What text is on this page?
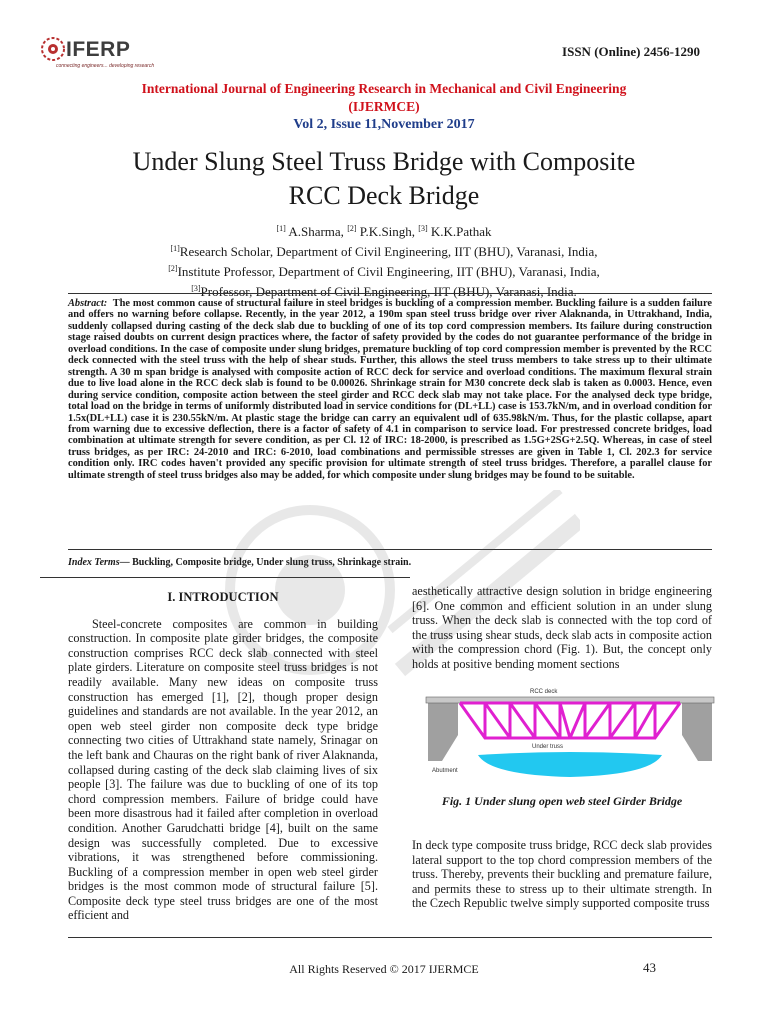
IFERP
connecting engineers... developing research
ISSN (Online) 2456-1290
International Journal of Engineering Research in Mechanical and Civil Engineering
(IJERMCE)
Vol 2, Issue 11,November 2017
Under Slung Steel Truss Bridge with Composite
RCC Deck Bridge
[1] A.Sharma, [2] P.K.Singh, [3] K.K.Pathak
[1]Research Scholar, Department of Civil Engineering, IIT (BHU), Varanasi, India,
[2]Institute Professor, Department of Civil Engineering, IIT (BHU), Varanasi, India,
[3]Professor, Department of Civil Engineering, IIT (BHU), Varanasi, India.
Abstract: The most common cause of structural failure in steel bridges is buckling of a compression member. Buckling failure is a sudden failure and offers no warning before collapse. Recently, in the year 2012, a 190m span steel truss bridge over river Alaknanda, in Uttrakhand, India, suddenly collapsed during casting of the deck slab due to buckling of one of its top cord compression members. Its failure during construction stage raised doubts on current design practices where, the factor of safety provided by the codes do not guarantee performance of the bridge in overload conditions. In the case of composite under slung bridges, premature buckling of top cord compression member is prevented by the RCC deck connected with the steel truss with the help of shear studs. Further, this allows the steel truss members to take stress up to their ultimate strength. A 30 m span bridge is analysed with composite action of RCC deck for service and overload conditions. The maximum flexural strain due to live load alone in the RCC deck slab is found to be 0.00026. Shrinkage strain for M30 concrete deck slab is taken as 0.0003. Hence, even during service condition, composite action between the steel girder and RCC deck slab may not take place. For the analysed deck type bridge, total load on the bridge in terms of uniformly distributed load in service conditions for (DL+LL) case is 153.7kN/m, and in overload condition for 1.5x(DL+LL) case it is 230.55kN/m. At plastic stage the bridge can carry an equivalent udl of 635.98kN/m. Thus, for the plastic collapse, apart from warning due to excessive deflection, there is a factor of safety of 4.1 in comparison to service load. For prestressed concrete bridges, load combination at ultimate strength for severe condition, as per Cl. 12 of IRC: 18-2000, is prescribed as 1.5G+2SG+2.5Q. Whereas, in case of steel truss bridges, as per IRC: 24-2010 and IRC: 6-2010, load combinations and permissible stresses are given in Table 1, Cl. 202.3 for service condition only. IRC codes haven't provided any specific provision for ultimate strength of steel truss bridges. Therefore, a parallel clause for ultimate strength of steel truss bridges also may be added, for which composite under slung bridges may be found to be suitable.
Index Terms— Buckling, Composite bridge, Under slung truss, Shrinkage strain.

I. INTRODUCTION

Steel-concrete composites are common in building construction. In composite plate girder bridges, the composite construction comprises RCC deck slab connected with steel plate girders. Literature on composite steel truss bridges is not readily available. Many new ideas on composite truss construction has emerged [1], [2], though proper design guidelines and standards are not available. In the year 2012, an open web steel girder non composite deck type bridge connecting two cities of Uttrakhand state namely, Srinagar on the left bank and Chauras on the right bank of river Alaknanda, collapsed during casting of the deck slab claiming lives of six people [3]. The failure was due to buckling of one of its top chord compression members. Failure of bridge could have been more disastrous had it failed after completion in overload condition. Another Garudchatti bridge [4], built on the same design was successfully completed. Due to excessive vibrations, it was strengthened before commissioning. Buckling of a compression member in open web steel girder bridges is the most common mode of structural failure [5]. Composite deck type steel truss bridges are one of the most efficient and

aesthetically attractive design solution in bridge engineering [6]. One common and efficient solution in an under slung truss. When the deck slab is connected with the top cord of the truss using shear studs, deck slab acts in composite action with the compression chord (Fig. 1). But, the concept only holds at positive bending moment sections

RCC deck
Under truss
Abutment
Fig. 1 Under slung open web steel Girder Bridge

In deck type composite truss bridge, RCC deck slab provides lateral support to the top chord compression members of the truss. Thereby, prevents their buckling and premature failure, and permits these to stress up to their ultimate strength. In the Czech Republic twelve simply supported composite truss

All Rights Reserved © 2017 IJERMCE	43
